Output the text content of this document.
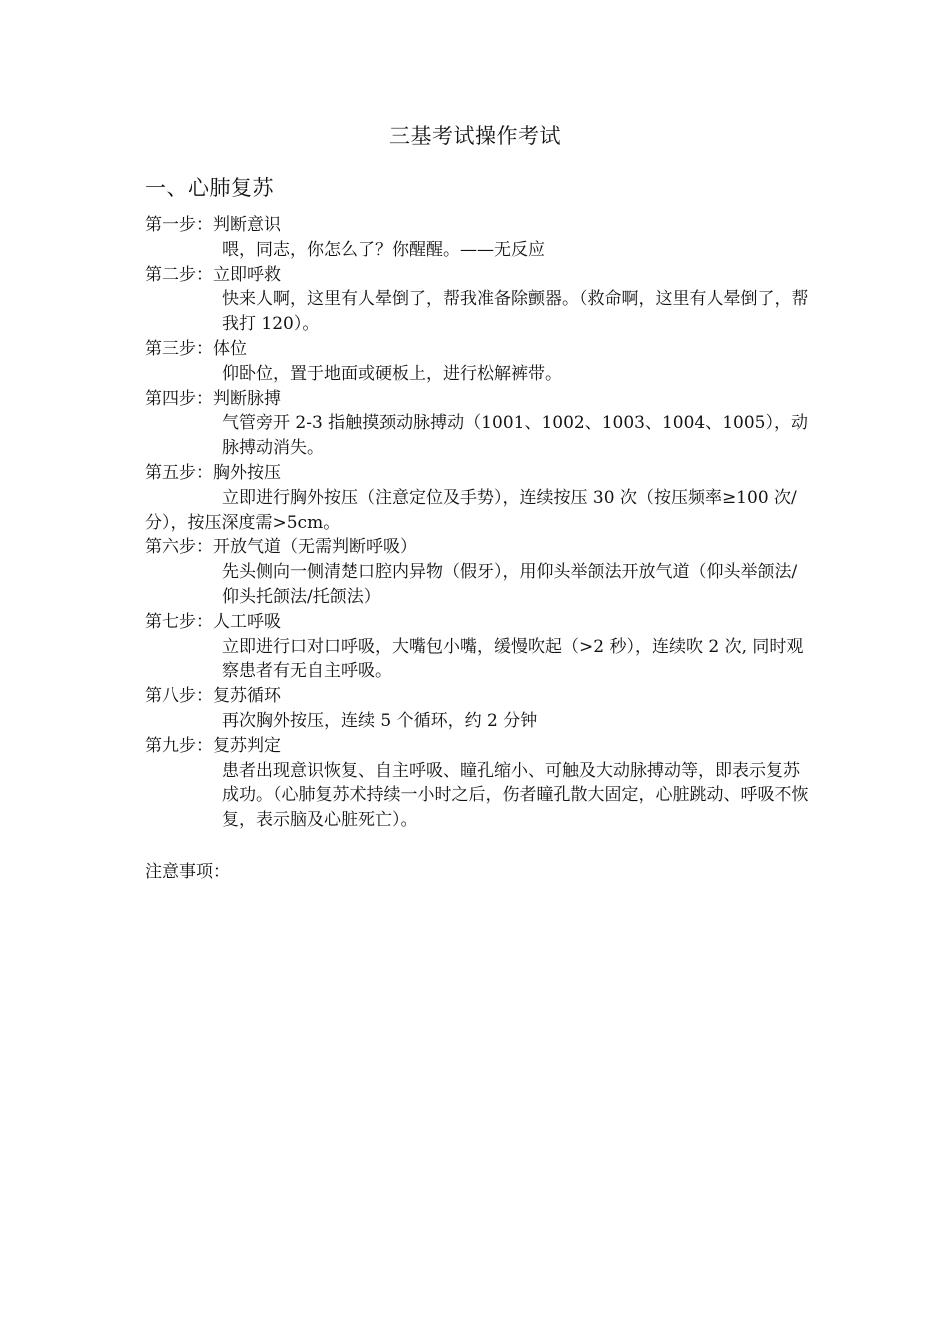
三基考试操作考试
一、心肺复苏
第一步：判断意识
喂，同志，你怎么了？你醒醒。——无反应
第二步：立即呼救
快来人啊，这里有人晕倒了，帮我准备除颤器。（救命啊，这里有人晕倒了，帮我打 120）。
第三步：体位
仰卧位，置于地面或硬板上，进行松解裤带。
第四步：判断脉搏
气管旁开 2-3 指触摸颈动脉搏动（1001、1002、1003、1004、1005），动脉搏动消失。
第五步：胸外按压
立即进行胸外按压（注意定位及手势），连续按压 30 次（按压频率≥100 次/分），按压深度需>5cm。
第六步：开放气道（无需判断呼吸）
先头侧向一侧清楚口腔内异物（假牙），用仰头举颌法开放气道（仰头举颌法/仰头托颌法/托颌法）
第七步：人工呼吸
立即进行口对口呼吸，大嘴包小嘴，缓慢吹起（>2 秒），连续吹 2 次, 同时观察患者有无自主呼吸。
第八步：复苏循环
再次胸外按压，连续 5 个循环，约 2 分钟
第九步：复苏判定
患者出现意识恢复、自主呼吸、瞳孔缩小、可触及大动脉搏动等，即表示复苏成功。（心肺复苏术持续一小时之后，伤者瞳孔散大固定，心脏跳动、呼吸不恢复，表示脑及心脏死亡）。
注意事项：
